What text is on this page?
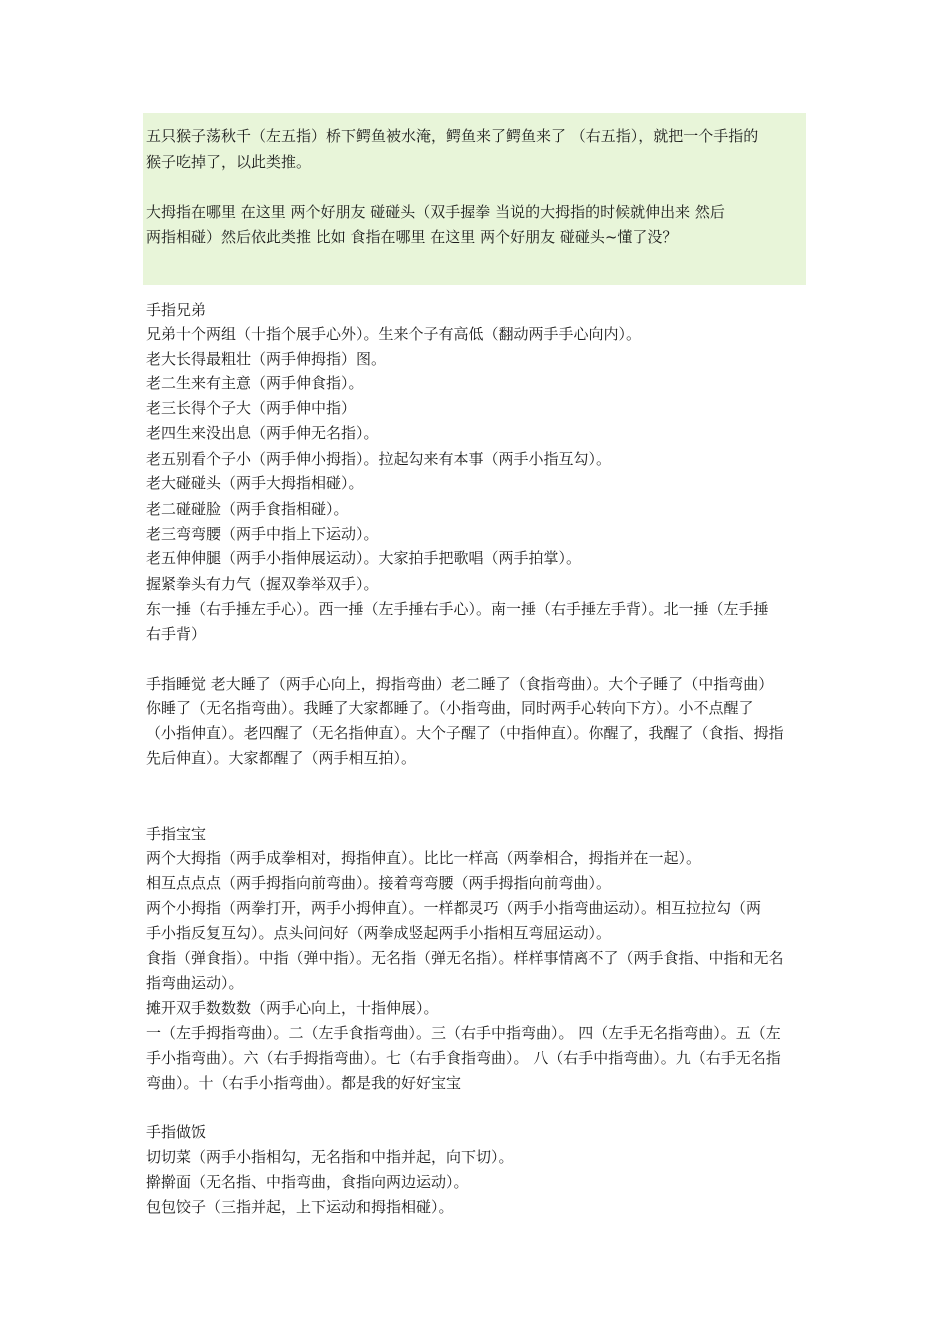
五只猴子荡秋千（左五指）桥下鳄鱼被水淹，鳄鱼来了鳄鱼来了 （右五指），就把一个手指的
猴子吃掉了，以此类推。
大拇指在哪里 在这里 两个好朋友 碰碰头（双手握拳 当说的大拇指的时候就伸出来 然后
两指相碰）然后依此类推 比如 食指在哪里 在这里 两个好朋友 碰碰头~懂了没？
手指兄弟
兄弟十个两组（十指个展手心外）。生来个子有高低（翻动两手手心向内）。
老大长得最粗壮（两手伸拇指）图。
老二生来有主意（两手伸食指）。
老三长得个子大（两手伸中指）
老四生来没出息（两手伸无名指）。
老五别看个子小（两手伸小拇指）。拉起勾来有本事（两手小指互勾）。
老大碰碰头（两手大拇指相碰）。
老二碰碰脸（两手食指相碰）。
老三弯弯腰（两手中指上下运动）。
老五伸伸腿（两手小指伸展运动）。大家拍手把歌唱（两手拍掌）。
握紧拳头有力气（握双拳举双手）。
东一捶（右手捶左手心）。西一捶（左手捶右手心）。南一捶（右手捶左手背）。北一捶（左手捶
右手背）
手指睡觉 老大睡了（两手心向上，拇指弯曲）老二睡了（食指弯曲）。大个子睡了（中指弯曲）
你睡了（无名指弯曲）。我睡了大家都睡了。（小指弯曲，同时两手心转向下方）。小不点醒了
（小指伸直）。老四醒了（无名指伸直）。大个子醒了（中指伸直）。你醒了，我醒了（食指、拇指
先后伸直）。大家都醒了（两手相互拍）。
手指宝宝
两个大拇指（两手成拳相对，拇指伸直）。比比一样高（两拳相合，拇指并在一起）。
相互点点点（两手拇指向前弯曲）。接着弯弯腰（两手拇指向前弯曲）。
两个小拇指（两拳打开，两手小拇伸直）。一样都灵巧（两手小指弯曲运动）。相互拉拉勾（两
手小指反复互勾）。点头问问好（两拳成竖起两手小指相互弯屈运动）。
食指（弹食指）。中指（弹中指）。无名指（弹无名指）。样样事情离不了（两手食指、中指和无名
指弯曲运动）。
摊开双手数数数（两手心向上，十指伸展）。
一（左手拇指弯曲）。二（左手食指弯曲）。三（右手中指弯曲）。 四（左手无名指弯曲）。五（左
手小指弯曲）。六（右手拇指弯曲）。七（右手食指弯曲）。 八（右手中指弯曲）。九（右手无名指
弯曲）。十（右手小指弯曲）。都是我的好好宝宝
手指做饭
切切菜（两手小指相勾，无名指和中指并起，向下切）。
擀擀面（无名指、中指弯曲，食指向两边运动）。
包包饺子（三指并起，上下运动和拇指相碰）。
